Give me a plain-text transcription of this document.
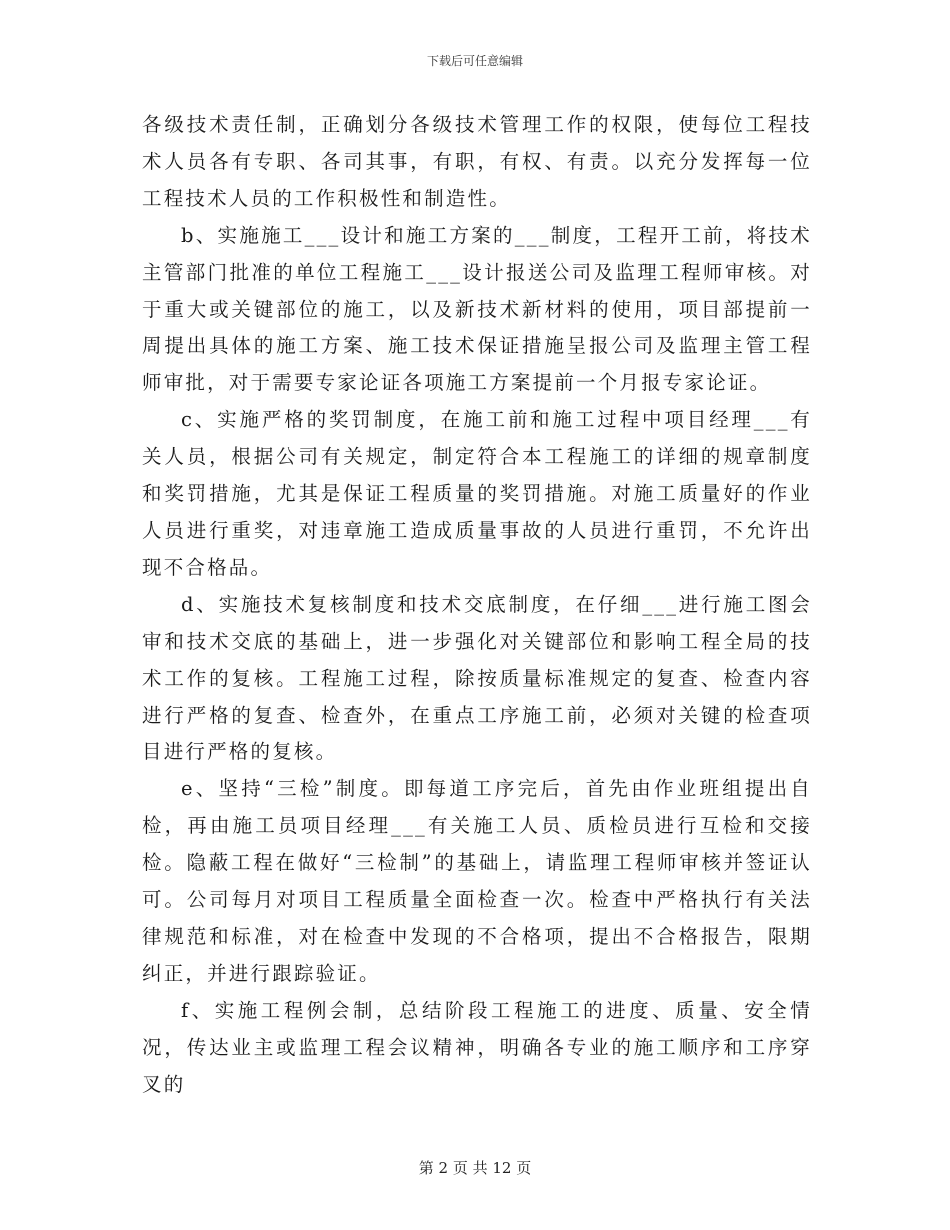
下载后可任意编辑

各级技术责任制，正确划分各级技术管理工作的权限，使每位工程技术人员各有专职、各司其事，有职，有权、有责。以充分发挥每一位工程技术人员的工作积极性和制造性。

b、实施施工___设计和施工方案的___制度，工程开工前，将技术主管部门批准的单位工程施工___设计报送公司及监理工程师审核。对于重大或关键部位的施工，以及新技术新材料的使用，项目部提前一周提出具体的施工方案、施工技术保证措施呈报公司及监理主管工程师审批，对于需要专家论证各项施工方案提前一个月报专家论证。

c、实施严格的奖罚制度，在施工前和施工过程中项目经理___有关人员，根据公司有关规定，制定符合本工程施工的详细的规章制度和奖罚措施，尤其是保证工程质量的奖罚措施。对施工质量好的作业人员进行重奖，对违章施工造成质量事故的人员进行重罚，不允许出现不合格品。

d、实施技术复核制度和技术交底制度，在仔细___进行施工图会审和技术交底的基础上，进一步强化对关键部位和影响工程全局的技术工作的复核。工程施工过程，除按质量标准规定的复查、检查内容进行严格的复查、检查外，在重点工序施工前，必须对关键的检查项目进行严格的复核。

e、坚持“三检”制度。即每道工序完后，首先由作业班组提出自检，再由施工员项目经理___有关施工人员、质检员进行互检和交接检。隐蔽工程在做好“三检制”的基础上，请监理工程师审核并签证认可。公司每月对项目工程质量全面检查一次。检查中严格执行有关法律规范和标准，对在检查中发现的不合格项，提出不合格报告，限期纠正，并进行跟踪验证。

f、实施工程例会制，总结阶段工程施工的进度、质量、安全情况，传达业主或监理工程会议精神，明确各专业的施工顺序和工序穿叉的

第 2 页 共 12 页
